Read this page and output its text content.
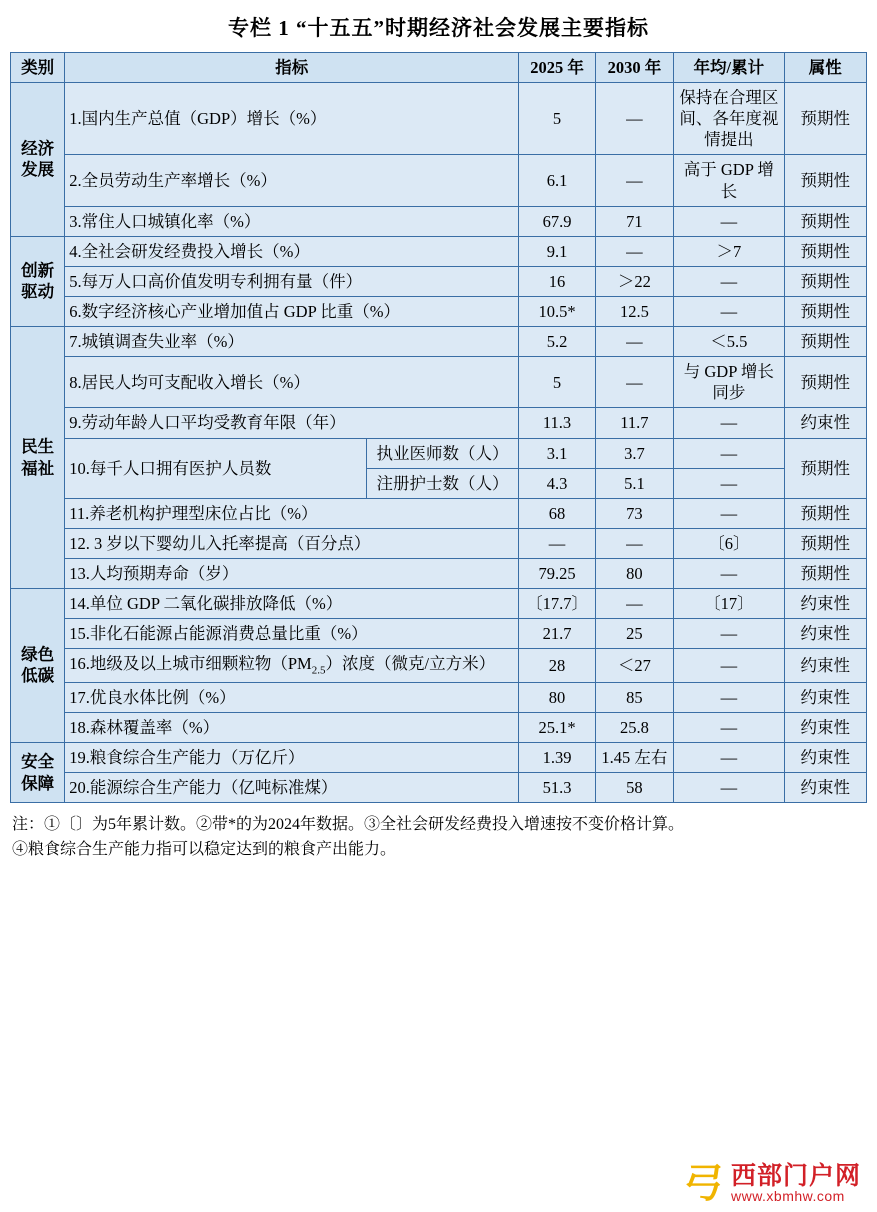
专栏 1 “十五五”时期经济社会发展主要指标
类别	指标		2025 年	2030 年	年均/累计	属性
经济发展	1.国内生产总值（GDP）增长（%）		5	—	保持在合理区间、各年度视情提出	预期性
	2.全员劳动生产率增长（%）		6.1	—	高于 GDP 增长	预期性
	3.常住人口城镇化率（%）		67.9	71	—	预期性
创新驱动	4.全社会研发经费投入增长（%）		9.1	—	＞7	预期性
	5.每万人口高价值发明专利拥有量（件）		16	＞22	—	预期性
	6.数字经济核心产业增加值占 GDP 比重（%）		10.5*	12.5	—	预期性
民生福祉	7.城镇调查失业率（%）		5.2	—	＜5.5	预期性
	8.居民人均可支配收入增长（%）		5	—	与 GDP 增长同步	预期性
	9.劳动年龄人口平均受教育年限（年）		11.3	11.7	—	约束性
	10.每千人口拥有医护人员数	执业医师数（人）	3.1	3.7	—	预期性
		注册护士数（人）	4.3	5.1	—	
	11.养老机构护理型床位占比（%）		68	73	—	预期性
	12. 3 岁以下婴幼儿入托率提高（百分点）		—	—	〔6〕	预期性
	13.人均预期寿命（岁）		79.25	80	—	预期性
绿色低碳	14.单位 GDP 二氧化碳排放降低（%）		〔17.7〕	—	〔17〕	约束性
	15.非化石能源占能源消费总量比重（%）		21.7	25	—	约束性
	16.地级及以上城市细颗粒物$(PM_{2.5})$浓度（微克/立方米）		28	＜27	—	约束性
	17.优良水体比例（%）		80	85	—	约束性
	18.森林覆盖率（%）		25.1*	25.8	—	约束性
安全保障	19.粮食综合生产能力（万亿斤）		1.39	1.45 左右	—	约束性
	20.能源综合生产能力（亿吨标准煤）		51.3	58	—	约束性
注：①〔〕为5年累计数。②带*的为2024年数据。③全社会研发经费投入增速按不变价格计算。
④粮食综合生产能力指可以稳定达到的粮食产出能力。
弓 西部门户网
www.xbmhw.com
